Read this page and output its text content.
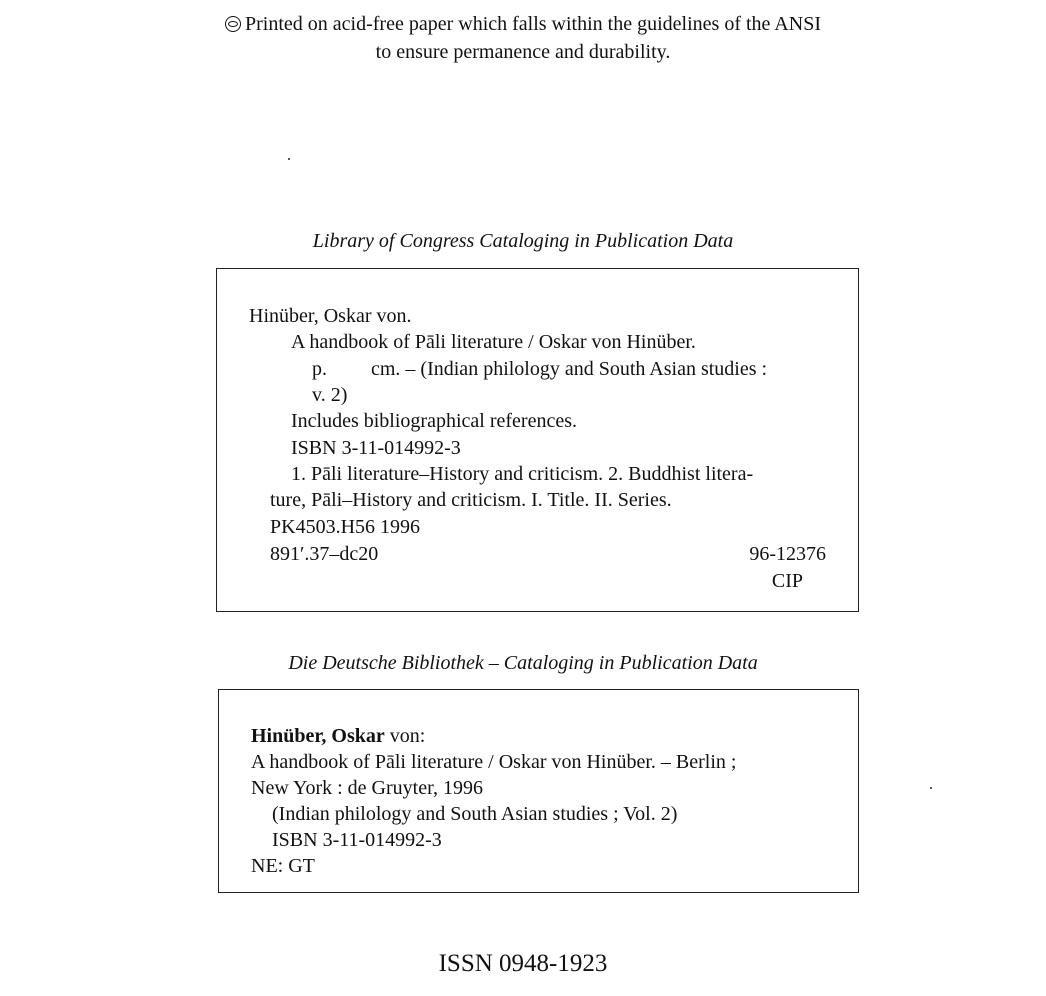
Printed on acid-free paper which falls within the guidelines of the ANSI
to ensure permanence and durability.
Library of Congress Cataloging in Publication Data
Hinüber, Oskar von.
A handbook of Pāli literature / Oskar von Hinüber.
p. cm. – (Indian philology and South Asian studies :
v. 2)
Includes bibliographical references.
ISBN 3-11-014992-3
1. Pāli literature–History and criticism. 2. Buddhist litera-
ture, Pāli–History and criticism. I. Title. II. Series.
PK4503.H56 1996
891′.37–dc20	96-12376
CIP
Die Deutsche Bibliothek – Cataloging in Publication Data
Hinüber, Oskar von:
A handbook of Pāli literature / Oskar von Hinüber. – Berlin ;
New York : de Gruyter, 1996
(Indian philology and South Asian studies ; Vol. 2)
ISBN 3-11-014992-3
NE: GT
ISSN 0948-1923
